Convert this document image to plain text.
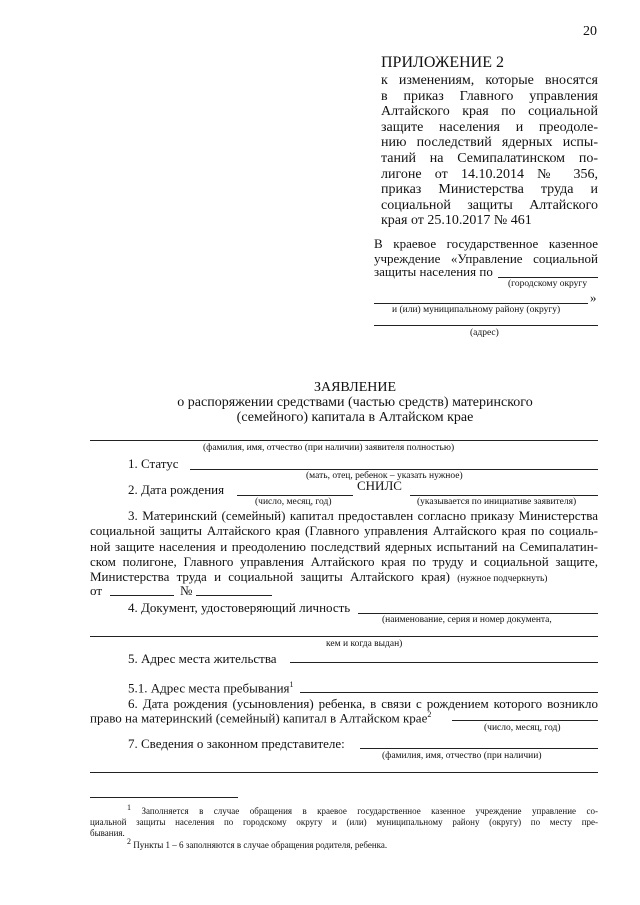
20
ПРИЛОЖЕНИЕ 2
к изменениям, которые вносятся
в приказ Главного управления
Алтайского края по социальной
защите населения и преодоле-
нию последствий ядерных испы-
таний на Семипалатинском по-
лигоне от 14.10.2014 № 356,
приказ Министерства труда и
социальной защиты Алтайского
края от 25.10.2017 № 461
В краевое государственное казенное
учреждение «Управление социальной
защиты населения по
(городскому округу
»
и (или) муниципальному району (округу)
(адрес)
ЗАЯВЛЕНИЕ
о распоряжении средствами (частью средств) материнского
(семейного) капитала в Алтайском крае
(фамилия, имя, отчество (при наличии) заявителя полностью)
1. Статус
(мать, отец, ребенок – указать нужное)
2. Дата рождения
(число, месяц, год)
СНИЛС
(указывается по инициативе заявителя)
3. Материнский (семейный) капитал предоставлен согласно приказу Министерства
социальной защиты Алтайского края (Главного управления Алтайского края по социаль-
ной защите населения и преодолению последствий ядерных испытаний на Семипалатин-
ском полигоне, Главного управления Алтайского края по труду и социальной защите,
Министерства труда и социальной защиты Алтайского края) (нужное подчеркнуть)
от	№
4. Документ, удостоверяющий личность
(наименование, серия и номер документа,
кем и когда выдан)
5. Адрес места жительства
5.1. Адрес места пребывания$^1$
6. Дата рождения (усыновления) ребенка, в связи с рождением которого возникло
право на материнский (семейный) капитал в Алтайском крае$^2$
(число, месяц, год)
7. Сведения о законном представителе:
(фамилия, имя, отчество (при наличии)
$^1$ Заполняется в случае обращения в краевое государственное казенное учреждение управление со-
циальной защиты населения по городскому округу и (или) муниципальному району (округу) по месту пре-
бывания.
$^2$ Пункты 1 – 6 заполняются в случае обращения родителя, ребенка.
